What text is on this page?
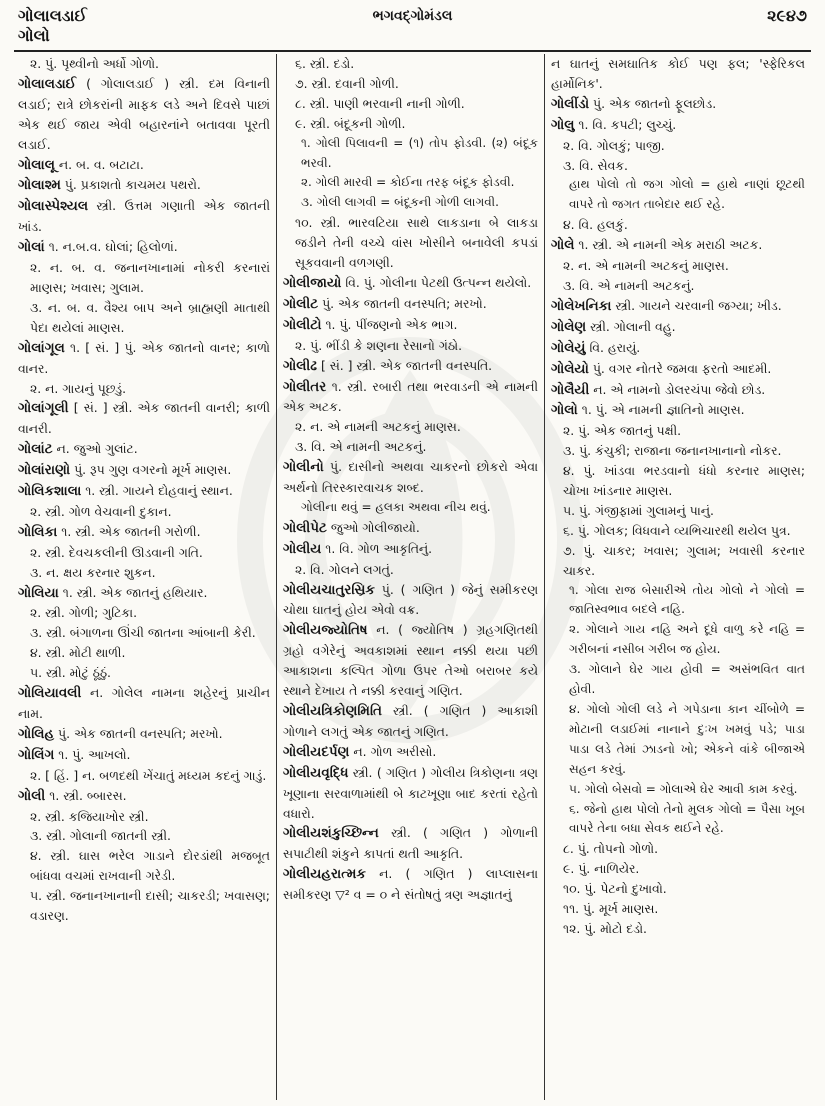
ગોલાલડાઈ	ભગવદ્ગોમંડલ	૨૯૪૭
ગોલો

૨. પું. પૃથ્વીનો અર્ધો ગોળો.

ગોલાલડાઈ ( ગોલાલડાઈ ) સ્ત્રી. દમ વિનાની લડાઈ; રાત્રે છોકરાંની માફક લડે અને દિવસે પાછાં એક થઈ જાય એવી બહારનાંને બતાવવા પૂરતી લડાઈ.

ગોલાલૂ ન. બ. વ. બટાટા.

ગોલાશ્મ પું. પ્રકાશતો કાચમય પથરો.

ગોલાસ્પેશ્યલ સ્ત્રી. ઉત્તમ ગણાતી એક જાતની ખાંડ.

ગોલાં ૧. ન.બ.વ. ઘોલાં; હિલોળાં.

૨. ન. બ. વ. જનાનખાનામાં નોકરી કરનારાં માણસ; ખવાસ; ગુલામ.

૩. ન. બ. વ. વૈશ્ય બાપ અને બ્રાહ્મણી માતાથી પેદા થયેલાં માણસ.

ગોલાંગૂલ ૧. [ સં. ] પું. એક જાતનો વાનર; કાળો વાનર.

૨. ન. ગાયનું પૂછડું.

ગોલાંગૂલી [ સં. ] સ્ત્રી. એક જાતની વાનરી; કાળી વાનરી.

ગોલાંટ ન. જુઓ ગુલાંટ.

ગોલાંરાણો પું. રૂપ ગુણ વગરનો મૂર્ખ માણસ.

ગોલિકશાલા ૧. સ્ત્રી. ગાયને દોહવાનું સ્થાન.

૨. સ્ત્રી. ગોળ વેચવાની દુકાન.

ગોલિકા ૧. સ્ત્રી. એક જાતની ગરોળી.

૨. સ્ત્રી. દેવચકલીની ઊડવાની ગતિ.

૩. ન. ક્ષય કરનાર શુકન.

ગોલિયા ૧. સ્ત્રી. એક જાતનું હથિયાર.

૨. સ્ત્રી. ગોળી; ગુટિકા.

૩. સ્ત્રી. બંગાળના ઊંચી જાતના આંબાની કેરી.

૪. સ્ત્રી. મોટી થાળી.

૫. સ્ત્રી. મોટું ઠૂંઠું.

ગોલિયાવલી ન. ગોલેલ નામના શહેરનું પ્રાચીન નામ.

ગોલિહ પું. એક જાતની વનસ્પતિ; મરખો.

ગોલિંગ ૧. પું. આખલો.

૨. [ હિં. ] ન. બળદથી ખેંચાતું મધ્યમ કદનું ગાડું.

ગોલી ૧. સ્ત્રી. બ્બારસ.

૨. સ્ત્રી. કજિયાખોર સ્ત્રી.

૩. સ્ત્રી. ગોલાની જાતની સ્ત્રી.

૪. સ્ત્રી. ઘાસ ભરેલ ગાડાને દોરડાંથી મજબૂત બાંધવા વચમાં રાખવાની ગરેડી.

૫. સ્ત્રી. જનાનખાનાની દાસી; ચાકરડી; ખવાસણ; વડારણ.

૬. સ્ત્રી. દડો.

૭. સ્ત્રી. દવાની ગોળી.

૮. સ્ત્રી. પાણી ભરવાની નાની ગોળી.

૯. સ્ત્રી. બંદૂકની ગોળી.

૧. ગોલી પિલાવની = (૧) તોપ ફોડવી. (૨) બંદૂક ભરવી.

૨. ગોલી મારવી = કોઈના તરફ બંદૂક ફોડવી.

૩. ગોલી લાગવી = બંદૂકની ગોળી લાગવી.

૧૦. સ્ત્રી. ભારવટિયા સાથે લાકડાના બે લાકડા જડીને તેની વચ્ચે વાંસ ખોસીને બનાવેલી કપડાં સૂકવવાની વળગણી.

ગોલીજાયો વિ. પું. ગોલીના પેટથી ઉત્પન્ન થયેલો.

ગોલીટ પું. એક જાતની વનસ્પતિ; મરખો.

ગોલીટો ૧. પું. પીંજણનો એક ભાગ.

૨. પું. ભીંડી કે શણના રેસાનો ગંઠો.

ગોલીઢ [ સં. ] સ્ત્રી. એક જાતની વનસ્પતિ.

ગોલીતર ૧. સ્ત્રી. રબારી તથા ભરવાડની એ નામની એક અટક.

૨. ન. એ નામની અટકનું માણસ.

૩. વિ. એ નામની અટકનું.

ગોલીનો પું. દાસીનો અથવા ચાકરનો છોકરો એવા અર્થનો તિરસ્કારવાચક શબ્દ.

ગોલીના થવું = હલકા અથવા નીચ થવું.

ગોલીપેટ જુઓ ગોલીજાયો.

ગોલીય ૧. વિ. ગોળ આકૃતિનું.

૨. વિ. ગોલને લગતું.

ગોલીયચાતુરસ્રિક પું. ( ગણિત ) જેનું સમીકરણ ચોથા ઘાતનું હોય એવો વક્ર.

ગોલીયજ્યોતિષ ન. ( જ્યોતિષ ) ગ્રહગણિતથી ગ્રહો વગેરેનું અવકાશમાં સ્થાન નક્કી થયા પછી આકાશના કલ્પિત ગોળા ઉપર તેઓ બરાબર કયે સ્થાને દેખાય તે નક્કી કરવાનું ગણિત.

ગોલીયત્રિકોણમિતિ સ્ત્રી. ( ગણિત ) આકાશી ગોળાને લગતું એક જાતનું ગણિત.

ગોલીયદર્પણ ન. ગોળ અરીસો.

ગોલીયવૃદ્ધિ સ્ત્રી. ( ગણિત ) ગોલીય ત્રિકોણના ત્રણ ખૂણાના સરવાળામાંથી બે કાટખૂણા બાદ કરતાં રહેતો વધારો.

ગોલીયશંકુચ્છિન્ન સ્ત્રી. ( ગણિત ) ગોળાની સપાટીથી શંકુને કાપતાં થતી આકૃતિ.

ગોલીયહરાત્મક ન. ( ગણિત ) લાપ્લાસના સમીકરણ ▽² વ = ૦ ને સંતોષતું ત્રણ અજ્ઞાતનું

ન ઘાતનું સમઘાતિક કોઈ પણ ફલ; 'સ્ફેરિકલ હાર્મોનિક'.

ગોલીંડો પું. એક જાતનો ફૂલછોડ.

ગોલુ ૧. વિ. કપટી; લુચ્ચું.

૨. વિ. ગોલકું; પાજી.

૩. વિ. સેવક.

હાથ પોલો તો જગ ગોલો = હાથે નાણાં છૂટથી વાપરે તો જગત તાબેદાર થઈ રહે.

૪. વિ. હલકું.

ગોલે ૧. સ્ત્રી. એ નામની એક મરાઠી અટક.

૨. ન. એ નામની અટકનું માણસ.

૩. વિ. એ નામની અટકનું.

ગોલેખનિકા સ્ત્રી. ગાયને ચરવાની જગ્યા; ખીડ.

ગોલેણ સ્ત્રી. ગોલાની વહુ.

ગોલેયું વિ. હરાયું.

ગોલેયો પું. વગર નોતરે જમવા ફરતો આદમી.

ગોલૈયી ન. એ નામનો ડોલરચંપા જેવો છોડ.

ગોલો ૧. પું. એ નામની જ્ઞાતિનો માણસ.

૨. પું. એક જાતનું પક્ષી.

૩. પું. કંચુકી; રાજાના જનાનખાનાનો નોકર.

૪. પું. ખાંડવા ભરડવાનો ધંધો કરનાર માણસ; ચોખા ખાંડનાર માણસ.

૫. પું. ગંજીફામાં ગુલામનું પાનું.

૬. પું. ગોલક; વિધવાને વ્યભિચારથી થયેલ પુત્ર.

૭. પું. ચાકર; ખવાસ; ગુલામ; ખવાસી કરનાર ચાકર.

૧. ગોલા રાજ બેસારીએ તોય ગોલો ને ગોલો = જાતિસ્વભાવ બદલે નહિ.

૨. ગોલાને ગાય નહિ અને દૂધે વાળુ કરે નહિ = ગરીબનાં નસીબ ગરીબ જ હોય.

૩. ગોલાને ઘેર ગાય હોવી = અસંભવિત વાત હોવી.

૪. ગોલો ગોલી લડે ને ગપેડાના કાન ચીંબોળે = મોટાની લડાઈમાં નાનાને દુઃખ ખમવું પડે; પાડા પાડા લડે તેમાં ઝાડનો ખો; એકને વાંકે બીજાએ સહન કરવું.

૫. ગોલો બેસવો = ગોલાએ ઘેર આવી કામ કરવું.

૬. જેનો હાથ પોલો તેનો મુલક ગોલો = પૈસા ખૂબ વાપરે તેના બધા સેવક થઈને રહે.

૮. પું. તોપનો ગોળો.

૯. પું. નાળિયેર.

૧૦. પું. પેટનો દુખાવો.

૧૧. પું. મૂર્ખ માણસ.

૧૨. પું. મોટો દડો.
